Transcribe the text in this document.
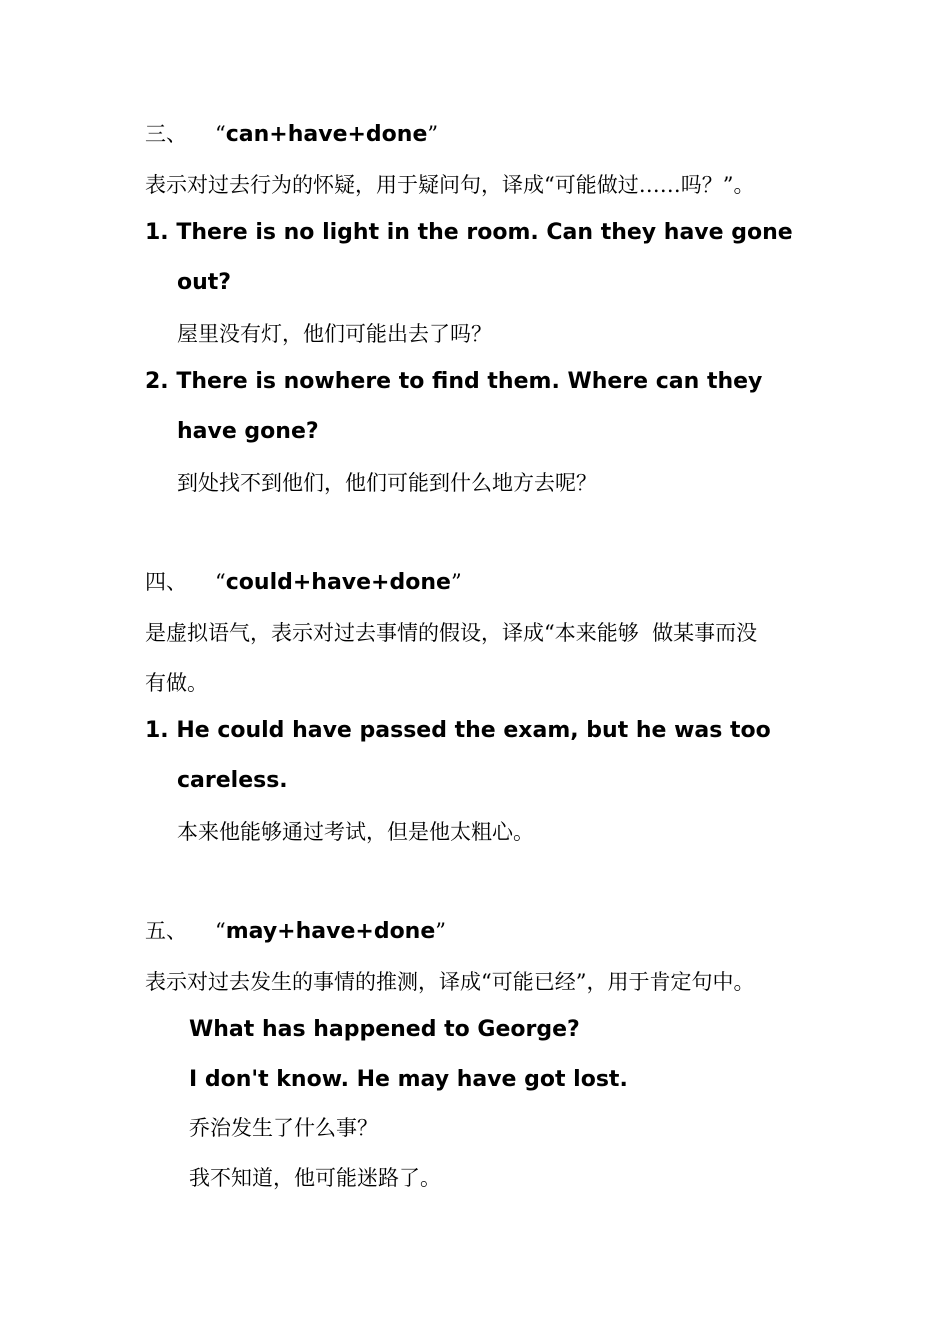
三、 “can+have+done”
表示对过去行为的怀疑，用于疑问句，译成“可能做过……吗？”。
1. There is no light in the room. Can they have gone
out?
屋里没有灯，他们可能出去了吗？
2. There is nowhere to find them. Where can they
have gone?
到处找不到他们，他们可能到什么地方去呢？
四、 “could+have+done”
是虚拟语气，表示对过去事情的假设，译成“本来能够  做某事而没
有做。
1. He could have passed the exam, but he was too
careless.
本来他能够通过考试，但是他太粗心。
五、 “may+have+done”
表示对过去发生的事情的推测，译成“可能已经”，用于肯定句中。
What has happened to George?
I don't know. He may have got lost.
乔治发生了什么事？
我不知道，他可能迷路了。
